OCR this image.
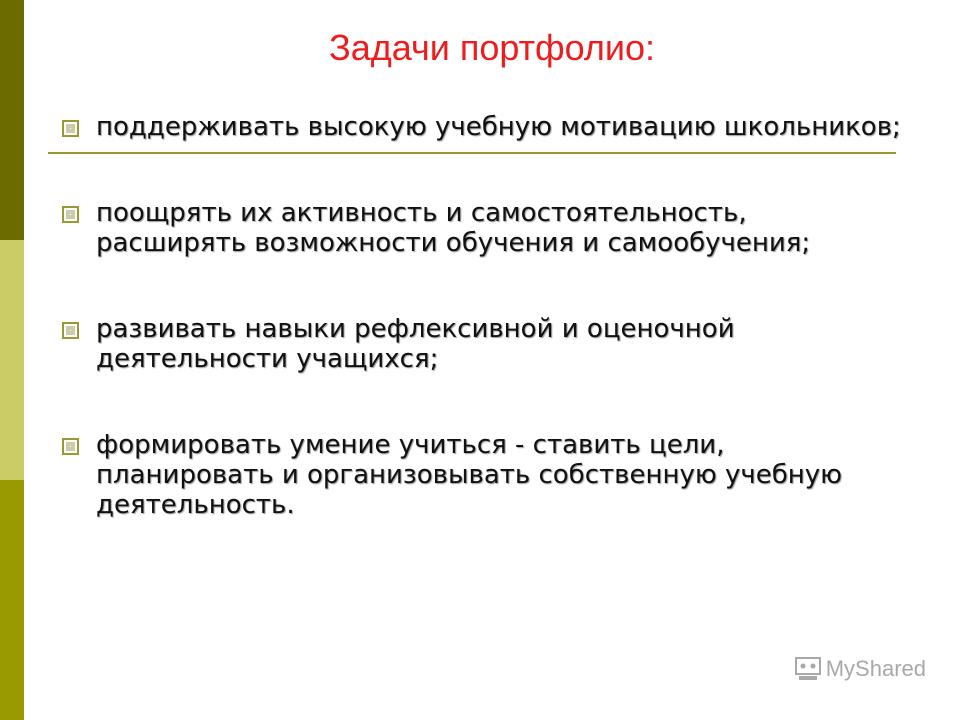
Задачи портфолио:
поддерживать высокую учебную мотивацию школьников;
поощрять их активность и самостоятельность, расширять возможности обучения и самообучения;
развивать навыки рефлексивной и оценочной деятельности учащихся;
формировать умение учиться - ставить цели, планировать и организовывать собственную учебную деятельность.
MyShared
